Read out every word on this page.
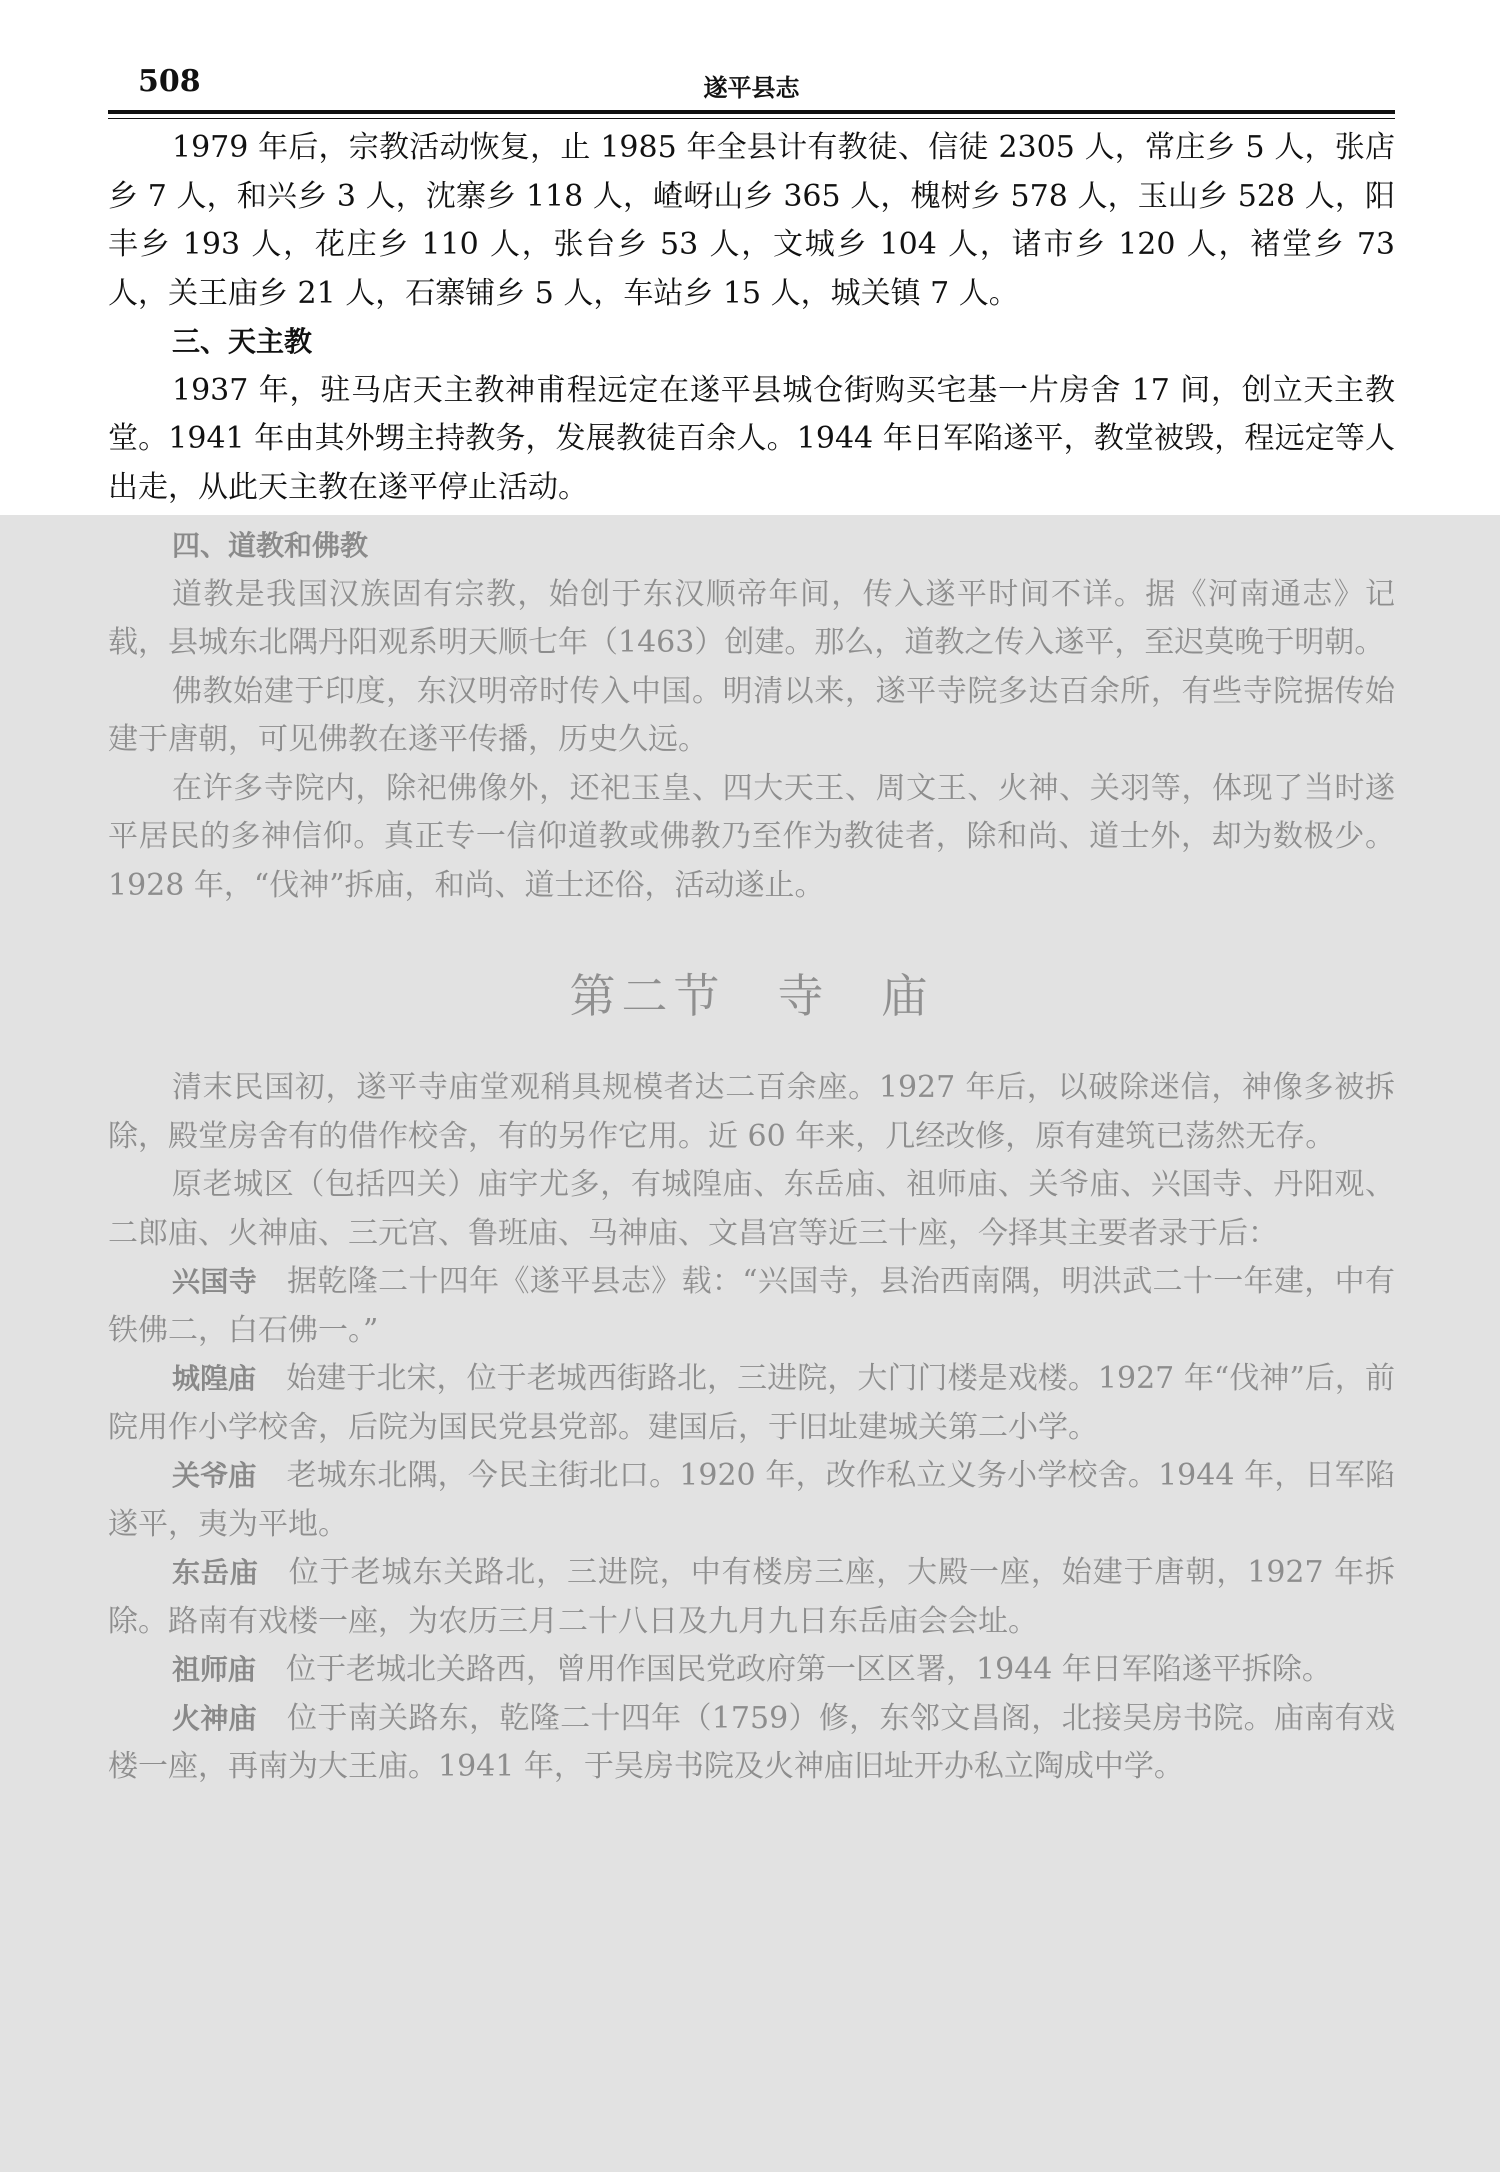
508	遂平县志

1979 年后，宗教活动恢复，止 1985 年全县计有教徒、信徒 2305 人，常庄乡 5 人，张店乡 7 人，和兴乡 3 人，沈寨乡 118 人，嵖岈山乡 365 人，槐树乡 578 人，玉山乡 528 人，阳丰乡 193 人，花庄乡 110 人，张台乡 53 人，文城乡 104 人，诸市乡 120 人，褚堂乡 73 人，关王庙乡 21 人，石寨铺乡 5 人，车站乡 15 人，城关镇 7 人。

三、天主教

1937 年，驻马店天主教神甫程远定在遂平县城仓街购买宅基一片房舍 17 间，创立天主教堂。1941 年由其外甥主持教务，发展教徒百余人。1944 年日军陷遂平，教堂被毁，程远定等人出走，从此天主教在遂平停止活动。

四、道教和佛教

道教是我国汉族固有宗教，始创于东汉顺帝年间，传入遂平时间不详。据《河南通志》记载，县城东北隅丹阳观系明天顺七年（1463）创建。那么，道教之传入遂平，至迟莫晚于明朝。

佛教始建于印度，东汉明帝时传入中国。明清以来，遂平寺院多达百余所，有些寺院据传始建于唐朝，可见佛教在遂平传播，历史久远。

在许多寺院内，除祀佛像外，还祀玉皇、四大天王、周文王、火神、关羽等，体现了当时遂平居民的多神信仰。真正专一信仰道教或佛教乃至作为教徒者，除和尚、道士外，却为数极少。1928 年，“伐神”拆庙，和尚、道士还俗，活动遂止。

第二节　寺　庙

清末民国初，遂平寺庙堂观稍具规模者达二百余座。1927 年后，以破除迷信，神像多被拆除，殿堂房舍有的借作校舍，有的另作它用。近 60 年来，几经改修，原有建筑已荡然无存。

原老城区（包括四关）庙宇尤多，有城隍庙、东岳庙、祖师庙、关爷庙、兴国寺、丹阳观、二郎庙、火神庙、三元宫、鲁班庙、马神庙、文昌宫等近三十座，今择其主要者录于后：

兴国寺 据乾隆二十四年《遂平县志》载：“兴国寺，县治西南隅，明洪武二十一年建，中有铁佛二，白石佛一。”

城隍庙 始建于北宋，位于老城西街路北，三进院，大门门楼是戏楼。1927 年“伐神”后，前院用作小学校舍，后院为国民党县党部。建国后，于旧址建城关第二小学。

关爷庙 老城东北隅，今民主街北口。1920 年，改作私立义务小学校舍。1944 年，日军陷遂平，夷为平地。

东岳庙 位于老城东关路北，三进院，中有楼房三座，大殿一座，始建于唐朝，1927 年拆除。路南有戏楼一座，为农历三月二十八日及九月九日东岳庙会会址。

祖师庙 位于老城北关路西，曾用作国民党政府第一区区署，1944 年日军陷遂平拆除。

火神庙 位于南关路东，乾隆二十四年（1759）修，东邻文昌阁，北接吴房书院。庙南有戏楼一座，再南为大王庙。1941 年，于吴房书院及火神庙旧址开办私立陶成中学。
